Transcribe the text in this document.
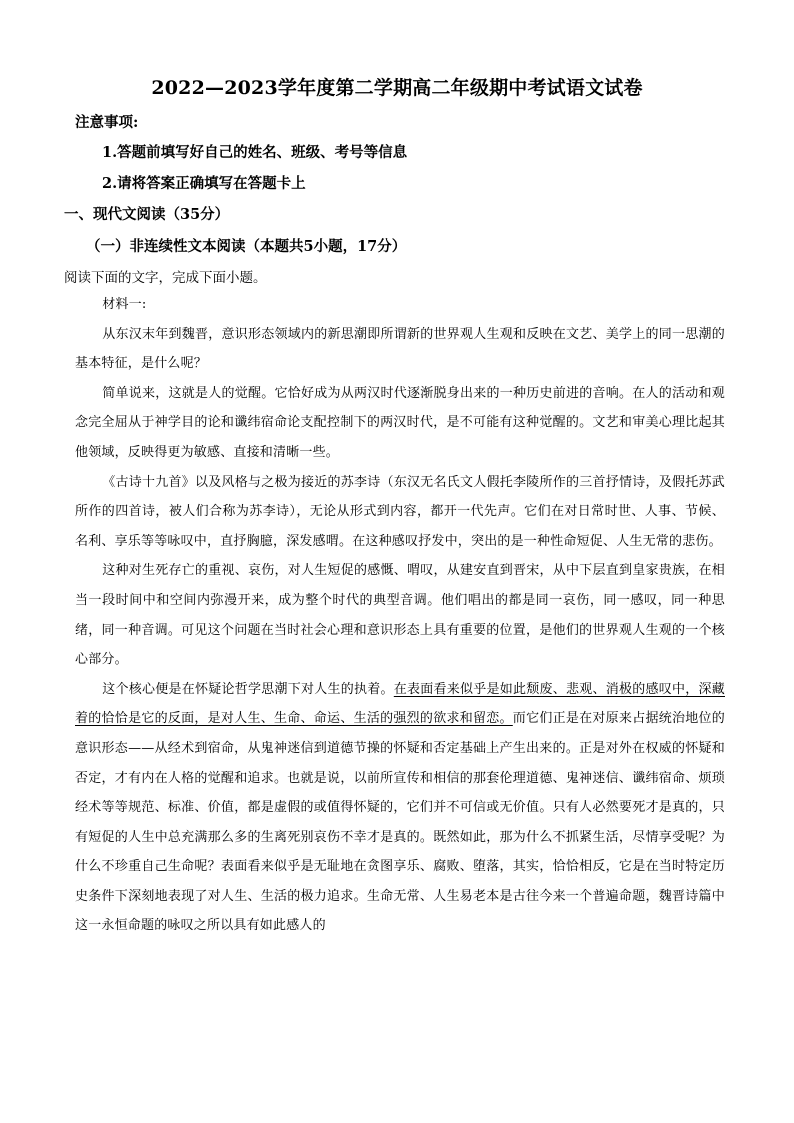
2022—2023学年度第二学期高二年级期中考试语文试卷
注意事项:
1.答题前填写好自己的姓名、班级、考号等信息
2.请将答案正确填写在答题卡上
一、现代文阅读（35分）
（一）非连续性文本阅读（本题共5小题，17分）
阅读下面的文字，完成下面小题。

材料一:

从东汉末年到魏晋，意识形态领域内的新思潮即所谓新的世界观人生观和反映在文艺、美学上的同一思潮的基本特征，是什么呢？

简单说来，这就是人的觉醒。它恰好成为从两汉时代逐渐脱身出来的一种历史前进的音响。在人的活动和观念完全屈从于神学目的论和谶纬宿命论支配控制下的两汉时代，是不可能有这种觉醒的。文艺和审美心理比起其他领域，反映得更为敏感、直接和清晰一些。

《古诗十九首》以及风格与之极为接近的苏李诗（东汉无名氏文人假托李陵所作的三首抒情诗，及假托苏武所作的四首诗，被人们合称为苏李诗），无论从形式到内容，都开一代先声。它们在对日常时世、人事、节候、名利、享乐等等咏叹中，直抒胸臆，深发感喟。在这种感叹抒发中，突出的是一种性命短促、人生无常的悲伤。

这种对生死存亡的重视、哀伤，对人生短促的感慨、喟叹，从建安直到晋宋，从中下层直到皇家贵族，在相当一段时间中和空间内弥漫开来，成为整个时代的典型音调。他们唱出的都是同一哀伤，同一感叹，同一种思绪，同一种音调。可见这个问题在当时社会心理和意识形态上具有重要的位置，是他们的世界观人生观的一个核心部分。

这个核心便是在怀疑论哲学思潮下对人生的执着。在表面看来似乎是如此颓废、悲观、消极的感叹中，深藏着的恰恰是它的反面，是对人生、生命、命运、生活的强烈的欲求和留恋。而它们正是在对原来占据统治地位的意识形态——从经术到宿命，从鬼神迷信到道德节操的怀疑和否定基础上产生出来的。正是对外在权威的怀疑和否定，才有内在人格的觉醒和追求。也就是说，以前所宣传和相信的那套伦理道德、鬼神迷信、谶纬宿命、烦琐经术等等规范、标准、价值，都是虚假的或值得怀疑的，它们并不可信或无价值。只有人必然要死才是真的，只有短促的人生中总充满那么多的生离死别哀伤不幸才是真的。既然如此，那为什么不抓紧生活，尽情享受呢？为什么不珍重自己生命呢？表面看来似乎是无耻地在贪图享乐、腐败、堕落，其实，恰恰相反，它是在当时特定历史条件下深刻地表现了对人生、生活的极力追求。生命无常、人生易老本是古往今来一个普遍命题，魏晋诗篇中这一永恒命题的咏叹之所以具有如此感人的
